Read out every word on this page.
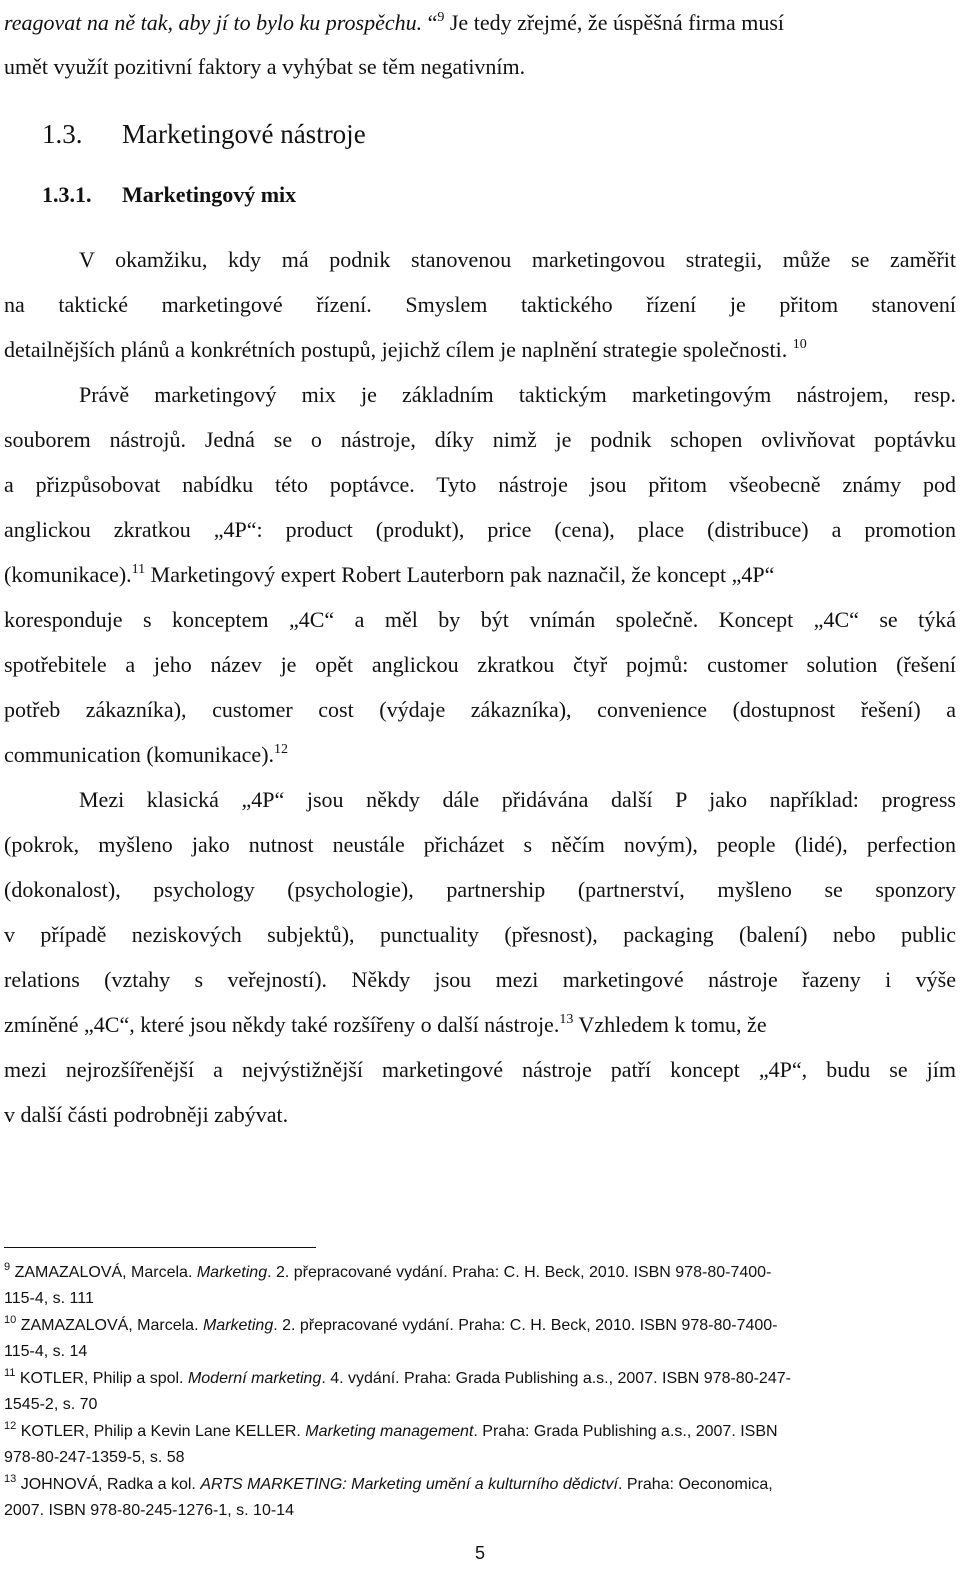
reagovat na ně tak, aby jí to bylo ku prospěchu. “$^9$ Je tedy zřejmé, že úspěšná firma musí
umět využít pozitivní faktory a vyhýbat se těm negativním.
1.3. Marketingové nástroje
1.3.1. Marketingový mix
V okamžiku, kdy má podnik stanovenou marketingovou strategii, může se zaměřit
na taktické marketingové řízení. Smyslem taktického řízení je přitom stanovení
detailnějších plánů a konkrétních postupů, jejichž cílem je naplnění strategie společnosti. $^{10}$
Právě marketingový mix je základním taktickým marketingovým nástrojem, resp.
souborem nástrojů. Jedná se o nástroje, díky nimž je podnik schopen ovlivňovat poptávku
a přizpůsobovat nabídku této poptávce. Tyto nástroje jsou přitom všeobecně známy pod
anglickou zkratkou „4P“: product (produkt), price (cena), place (distribuce) a promotion
(komunikace).$^{11}$ Marketingový expert Robert Lauterborn pak naznačil, že koncept „4P“
koresponduje s konceptem „4C“ a měl by být vnímán společně. Koncept „4C“ se týká
spotřebitele a jeho název je opět anglickou zkratkou čtyř pojmů: customer solution (řešení
potřeb zákazníka), customer cost (výdaje zákazníka), convenience (dostupnost řešení) a
communication (komunikace).$^{12}$
Mezi klasická „4P“ jsou někdy dále přidávána další P jako například: progress
(pokrok, myšleno jako nutnost neustále přicházet s něčím novým), people (lidé), perfection
(dokonalost), psychology (psychologie), partnership (partnerství, myšleno se sponzory
v případě neziskových subjektů), punctuality (přesnost), packaging (balení) nebo public
relations (vztahy s veřejností). Někdy jsou mezi marketingové nástroje řazeny i výše
zmíněné „4C“, které jsou někdy také rozšířeny o další nástroje.$^{13}$ Vzhledem k tomu, že
mezi nejrozšířenější a nejvýstižnější marketingové nástroje patří koncept „4P“, budu se jím
v další části podrobněji zabývat.
$^9$ ZAMAZALOVÁ, Marcela. Marketing. 2. přepracované vydání. Praha: C. H. Beck, 2010. ISBN 978-80-7400-
115-4, s. 111
$^{10}$ ZAMAZALOVÁ, Marcela. Marketing. 2. přepracované vydání. Praha: C. H. Beck, 2010. ISBN 978-80-7400-
115-4, s. 14
$^{11}$ KOTLER, Philip a spol. Moderní marketing. 4. vydání. Praha: Grada Publishing a.s., 2007. ISBN 978-80-247-
1545-2, s. 70
$^{12}$ KOTLER, Philip a Kevin Lane KELLER. Marketing management. Praha: Grada Publishing a.s., 2007. ISBN
978-80-247-1359-5, s. 58
$^{13}$ JOHNOVÁ, Radka a kol. ARTS MARKETING: Marketing umění a kulturního dědictví. Praha: Oeconomica,
2007. ISBN 978-80-245-1276-1, s. 10-14
5
